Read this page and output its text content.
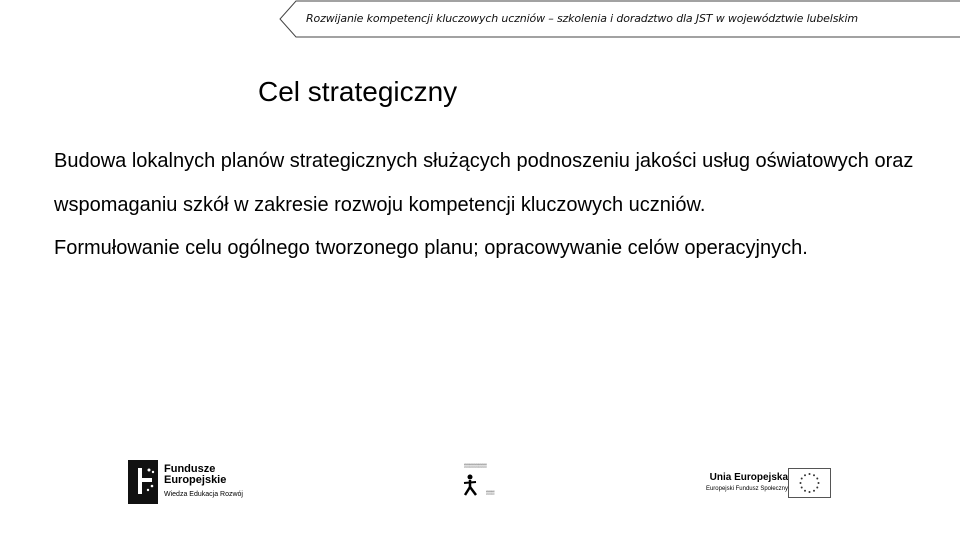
Rozwijanie kompetencji kluczowych uczniów – szkolenia i doradztwo dla JST w województwie lubelskim
Cel strategiczny

Budowa lokalnych planów strategicznych służących podnoszeniu jakości usług oświatowych oraz wspomaganiu szkół w zakresie rozwoju kompetencji kluczowych uczniów.

Formułowanie celu ogólnego tworzonego planu; opracowywanie celów operacyjnych.

Fundusze
Europejskie
Wiedza Edukacja Rozwój
▒▒▒▒▒▒▒▒
▒▒▒
Unia Europejska
Europejski Fundusz Społeczny
